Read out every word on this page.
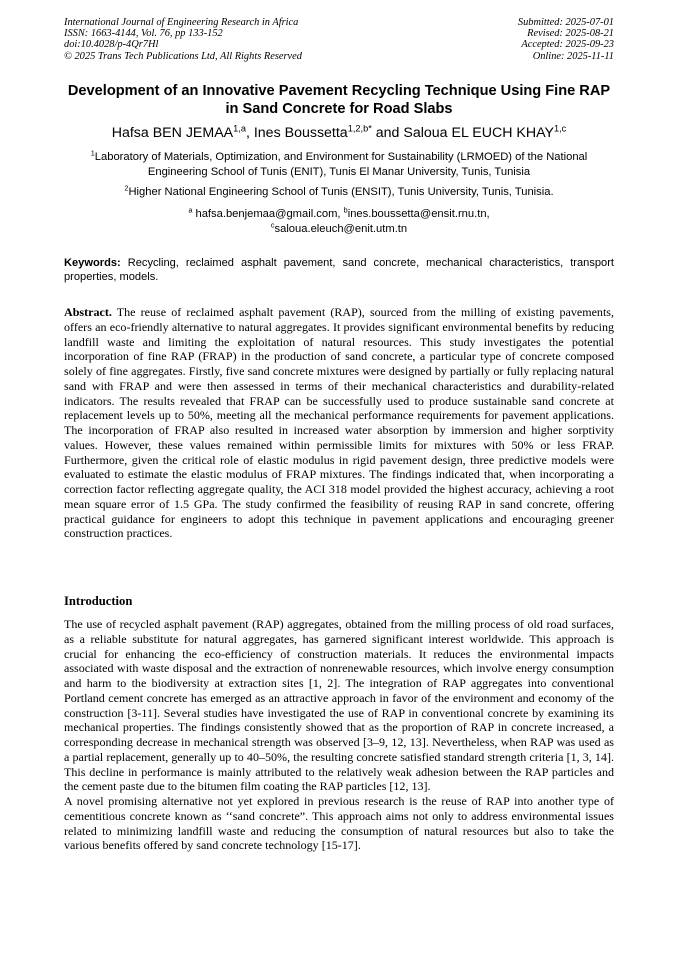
International Journal of Engineering Research in Africa
ISSN: 1663-4144, Vol. 76, pp 133-152
doi:10.4028/p-4Qr7Hl
© 2025 Trans Tech Publications Ltd, All Rights Reserved
Submitted: 2025-07-01
Revised: 2025-08-21
Accepted: 2025-09-23
Online: 2025-11-11
Development of an Innovative Pavement Recycling Technique Using Fine RAP in Sand Concrete for Road Slabs
Hafsa BEN JEMAA$^{1,a}$, Ines Boussetta$^{1,2,b*}$ and Saloua EL EUCH KHAY$^{1,c}$
$^1$Laboratory of Materials, Optimization, and Environment for Sustainability (LRMOED) of the National Engineering School of Tunis (ENIT), Tunis El Manar University, Tunis, Tunisia
$^2$Higher National Engineering School of Tunis (ENSIT), Tunis University, Tunis, Tunisia.
$^a$ hafsa.benjemaa@gmail.com, $^b$ines.boussetta@ensit.rnu.tn,
$^c$saloua.eleuch@enit.utm.tn
Keywords: Recycling, reclaimed asphalt pavement, sand concrete, mechanical characteristics, transport properties, models.
Abstract. The reuse of reclaimed asphalt pavement (RAP), sourced from the milling of existing pavements, offers an eco-friendly alternative to natural aggregates. It provides significant environmental benefits by reducing landfill waste and limiting the exploitation of natural resources. This study investigates the potential incorporation of fine RAP (FRAP) in the production of sand concrete, a particular type of concrete composed solely of fine aggregates. Firstly, five sand concrete mixtures were designed by partially or fully replacing natural sand with FRAP and were then assessed in terms of their mechanical characteristics and durability-related indicators. The results revealed that FRAP can be successfully used to produce sustainable sand concrete at replacement levels up to 50%, meeting all the mechanical performance requirements for pavement applications. The incorporation of FRAP also resulted in increased water absorption by immersion and higher sorptivity values. However, these values remained within permissible limits for mixtures with 50% or less FRAP. Furthermore, given the critical role of elastic modulus in rigid pavement design, three predictive models were evaluated to estimate the elastic modulus of FRAP mixtures. The findings indicated that, when incorporating a correction factor reflecting aggregate quality, the ACI 318 model provided the highest accuracy, achieving a root mean square error of 1.5 GPa. The study confirmed the feasibility of reusing RAP in sand concrete, offering practical guidance for engineers to adopt this technique in pavement applications and encouraging greener construction practices.
Introduction

The use of recycled asphalt pavement (RAP) aggregates, obtained from the milling process of old road surfaces, as a reliable substitute for natural aggregates, has garnered significant interest worldwide. This approach is crucial for enhancing the eco-efficiency of construction materials. It reduces the environmental impacts associated with waste disposal and the extraction of nonrenewable resources, which involve energy consumption and harm to the biodiversity at extraction sites [1, 2]. The integration of RAP aggregates into conventional Portland cement concrete has emerged as an attractive approach in favor of the environment and economy of the construction [3-11]. Several studies have investigated the use of RAP in conventional concrete by examining its mechanical properties. The findings consistently showed that as the proportion of RAP in concrete increased, a corresponding decrease in mechanical strength was observed [3–9, 12, 13]. Nevertheless, when RAP was used as a partial replacement, generally up to 40–50%, the resulting concrete satisfied standard strength criteria [1, 3, 14]. This decline in performance is mainly attributed to the relatively weak adhesion between the RAP particles and the cement paste due to the bitumen film coating the RAP particles [12, 13].

A novel promising alternative not yet explored in previous research is the reuse of RAP into another type of cementitious concrete known as ‘‘sand concrete”. This approach aims not only to address environmental issues related to minimizing landfill waste and reducing the consumption of natural resources but also to take the various benefits offered by sand concrete technology [15-17].
